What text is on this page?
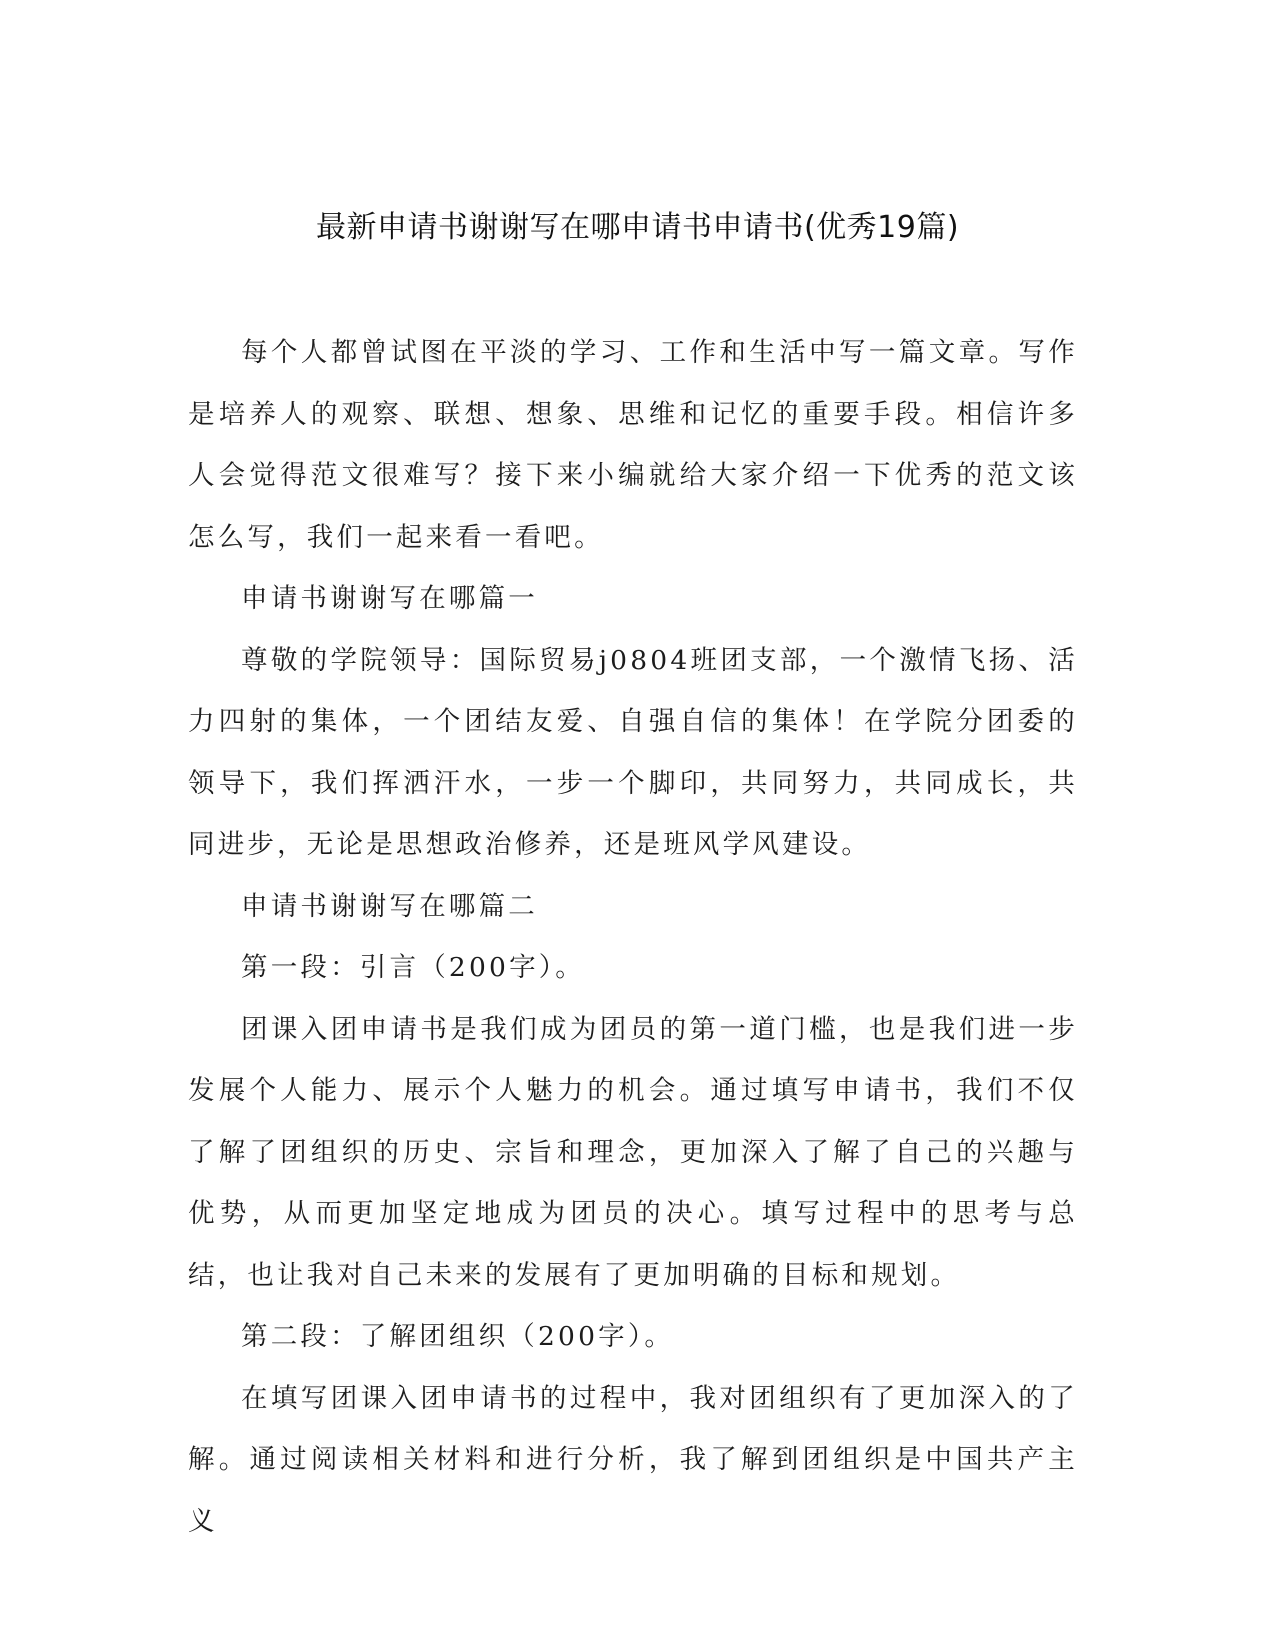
最新申请书谢谢写在哪申请书申请书(优秀19篇)

每个人都曾试图在平淡的学习、工作和生活中写一篇文章。写作是培养人的观察、联想、想象、思维和记忆的重要手段。相信许多人会觉得范文很难写？接下来小编就给大家介绍一下优秀的范文该怎么写，我们一起来看一看吧。

申请书谢谢写在哪篇一

尊敬的学院领导：国际贸易j0804班团支部，一个激情飞扬、活力四射的集体，一个团结友爱、自强自信的集体！在学院分团委的领导下，我们挥洒汗水，一步一个脚印，共同努力，共同成长，共同进步，无论是思想政治修养，还是班风学风建设。

申请书谢谢写在哪篇二

第一段：引言（200字）。

团课入团申请书是我们成为团员的第一道门槛，也是我们进一步发展个人能力、展示个人魅力的机会。通过填写申请书，我们不仅了解了团组织的历史、宗旨和理念，更加深入了解了自己的兴趣与优势，从而更加坚定地成为团员的决心。填写过程中的思考与总结，也让我对自己未来的发展有了更加明确的目标和规划。

第二段：了解团组织（200字）。

在填写团课入团申请书的过程中，我对团组织有了更加深入的了解。通过阅读相关材料和进行分析，我了解到团组织是中国共产主义
